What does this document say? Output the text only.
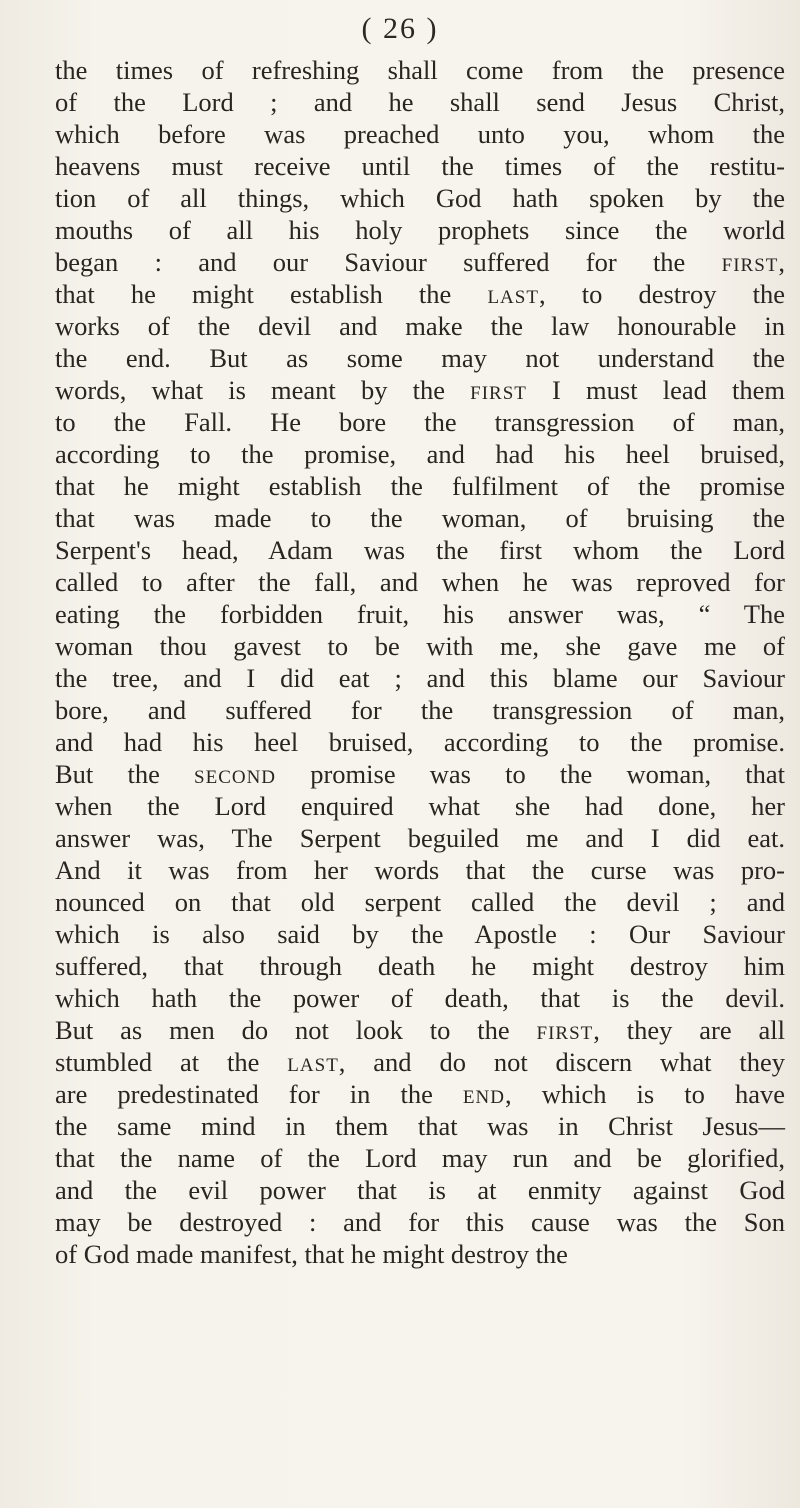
( 26 )
the times of refreshing shall come from the presence
of the Lord ; and he shall send Jesus Christ,
which before was preached unto you, whom the
heavens must receive until the times of the restitu-
tion of all things, which God hath spoken by the
mouths of all his holy prophets since the world
began : and our Saviour suffered for the first,
that he might establish the last, to destroy the
works of the devil and make the law honourable in
the end. But as some may not understand the
words, what is meant by the first I must lead them
to the Fall. He bore the transgression of man,
according to the promise, and had his heel bruised,
that he might establish the fulfilment of the promise
that was made to the woman, of bruising the
Serpent's head, Adam was the first whom the Lord
called to after the fall, and when he was reproved for
eating the forbidden fruit, his answer was, “ The
woman thou gavest to be with me, she gave me of
the tree, and I did eat ; and this blame our Saviour
bore, and suffered for the transgression of man,
and had his heel bruised, according to the promise.
But the second promise was to the woman, that
when the Lord enquired what she had done, her
answer was, The Serpent beguiled me and I did eat.
And it was from her words that the curse was pro-
nounced on that old serpent called the devil ; and
which is also said by the Apostle : Our Saviour
suffered, that through death he might destroy him
which hath the power of death, that is the devil.
But as men do not look to the first, they are all
stumbled at the last, and do not discern what they
are predestinated for in the end, which is to have
the same mind in them that was in Christ Jesus—
that the name of the Lord may run and be glorified,
and the evil power that is at enmity against God
may be destroyed : and for this cause was the Son
of God made manifest, that he might destroy the
